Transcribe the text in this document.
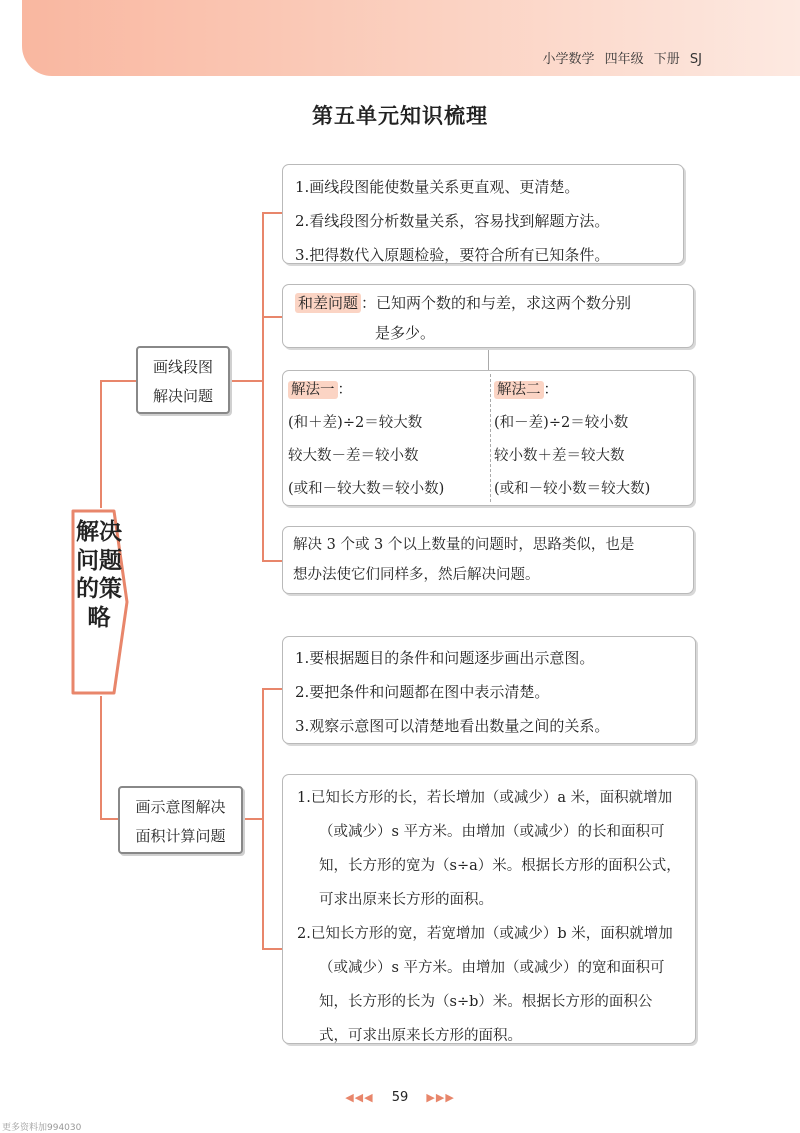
小学数学 四年级 下册 SJ
第五单元知识梳理
解决问题的策略
画线段图
解决问题
画示意图解决
面积计算问题
1.画线段图能使数量关系更直观、更清楚。
2.看线段图分析数量关系，容易找到解题方法。
3.把得数代入原题检验，要符合所有已知条件。
和差问题 ：已知两个数的和与差，求这两个数分别
是多少。
解法一 ：
(和＋差)÷2＝较大数
较大数－差＝较小数
(或和－较大数＝较小数)
解法二 ：
(和－差)÷2＝较小数
较小数＋差＝较大数
(或和－较小数＝较大数)
解决 3 个或 3 个以上数量的问题时，思路类似，也是
想办法使它们同样多，然后解决问题。
1.要根据题目的条件和问题逐步画出示意图。
2.要把条件和问题都在图中表示清楚。
3.观察示意图可以清楚地看出数量之间的关系。
1.已知长方形的长，若长增加（或减少）a 米，面积就增加（或减少）s 平方米。由增加（或减少）的长和面积可知，长方形的宽为（s÷a）米。根据长方形的面积公式，可求出原来长方形的面积。
2.已知长方形的宽，若宽增加（或减少）b 米，面积就增加（或减少）s 平方米。由增加（或减少）的宽和面积可知，长方形的长为（s÷b）米。根据长方形的面积公式，可求出原来长方形的面积。
◀◀◀ 59 ▶▶▶
更多资料加994030
